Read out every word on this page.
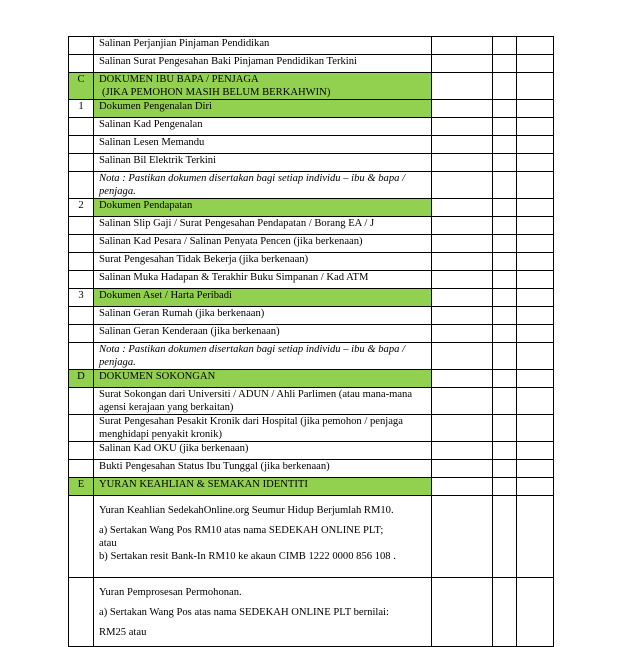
	Salinan Perjanjian Pinjaman Pendidikan			
	Salinan Surat Pengesahan Baki Pinjaman Pendidikan Terkini			
C	DOKUMEN IBU BAPA / PENJAGA
(JIKA PEMOHON MASIH BELUM BERKAHWIN)			

1	Dokumen Pengenalan Diri			
	Salinan Kad Pengenalan			
	Salinan Lesen Memandu			
	Salinan Bil Elektrik Terkini			
	Nota : Pastikan dokumen disertakan bagi setiap individu – ibu & bapa / penjaga.			
2	Dokumen Pendapatan			
	Salinan Slip Gaji / Surat Pengesahan Pendapatan / Borang EA / J			
	Salinan Kad Pesara / Salinan Penyata Pencen (jika berkenaan)			
	Surat Pengesahan Tidak Bekerja (jika berkenaan)			
	Salinan Muka Hadapan & Terakhir Buku Simpanan / Kad ATM			
3	Dokumen Aset / Harta Peribadi			
	Salinan Geran Rumah (jika berkenaan)			
	Salinan Geran Kenderaan (jika berkenaan)			
	Nota : Pastikan dokumen disertakan bagi setiap individu – ibu & bapa / penjaga.			
D	DOKUMEN SOKONGAN			
	Surat Sokongan dari Universiti / ADUN / Ahli Parlimen (atau mana-mana agensi kerajaan yang berkaitan)			
	Surat Pengesahan Pesakit Kronik dari Hospital (jika pemohon / penjaga menghidapi penyakit kronik)			
	Salinan Kad OKU (jika berkenaan)			
	Bukti Pengesahan Status Ibu Tunggal (jika berkenaan)			
E	YURAN KEAHLIAN & SEMAKAN IDENTITI			

	Yuran Keahlian SedekahOnline.org Seumur Hidup Berjumlah RM10.

a) Sertakan Wang Pos RM10 atas nama SEDEKAH ONLINE PLT;

atau

b) Sertakan resit Bank-In RM10 ke akaun CIMB 1222 0000 856 108 .			

	Yuran Pemprosesan Permohonan.

a) Sertakan Wang Pos atas nama SEDEKAH ONLINE PLT bernilai:

RM25 atau			
